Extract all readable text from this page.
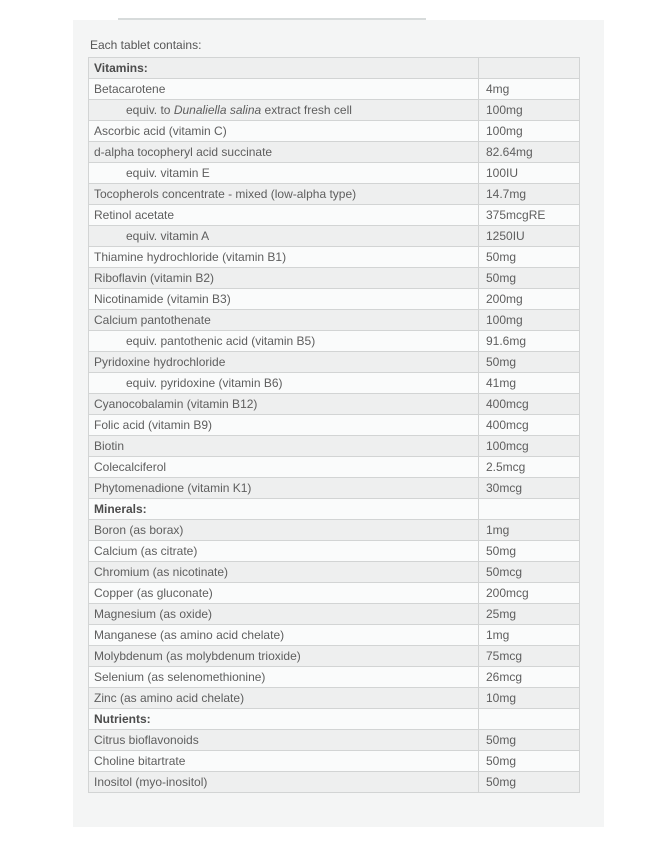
Each tablet contains:
Vitamins:	
Betacarotene	4mg
equiv. to Dunaliella salina extract fresh cell	100mg
Ascorbic acid (vitamin C)	100mg
d-alpha tocopheryl acid succinate	82.64mg
equiv. vitamin E	100IU
Tocopherols concentrate - mixed (low-alpha type)	14.7mg
Retinol acetate	375mcgRE
equiv. vitamin A	1250IU
Thiamine hydrochloride (vitamin B1)	50mg
Riboflavin (vitamin B2)	50mg
Nicotinamide (vitamin B3)	200mg
Calcium pantothenate	100mg
equiv. pantothenic acid (vitamin B5)	91.6mg
Pyridoxine hydrochloride	50mg
equiv. pyridoxine (vitamin B6)	41mg
Cyanocobalamin (vitamin B12)	400mcg
Folic acid (vitamin B9)	400mcg
Biotin	100mcg
Colecalciferol	2.5mcg
Phytomenadione (vitamin K1)	30mcg
Minerals:	
Boron (as borax)	1mg
Calcium (as citrate)	50mg
Chromium (as nicotinate)	50mcg
Copper (as gluconate)	200mcg
Magnesium (as oxide)	25mg
Manganese (as amino acid chelate)	1mg
Molybdenum (as molybdenum trioxide)	75mcg
Selenium (as selenomethionine)	26mcg
Zinc (as amino acid chelate)	10mg
Nutrients:	
Citrus bioflavonoids	50mg
Choline bitartrate	50mg
Inositol (myo-inositol)	50mg
